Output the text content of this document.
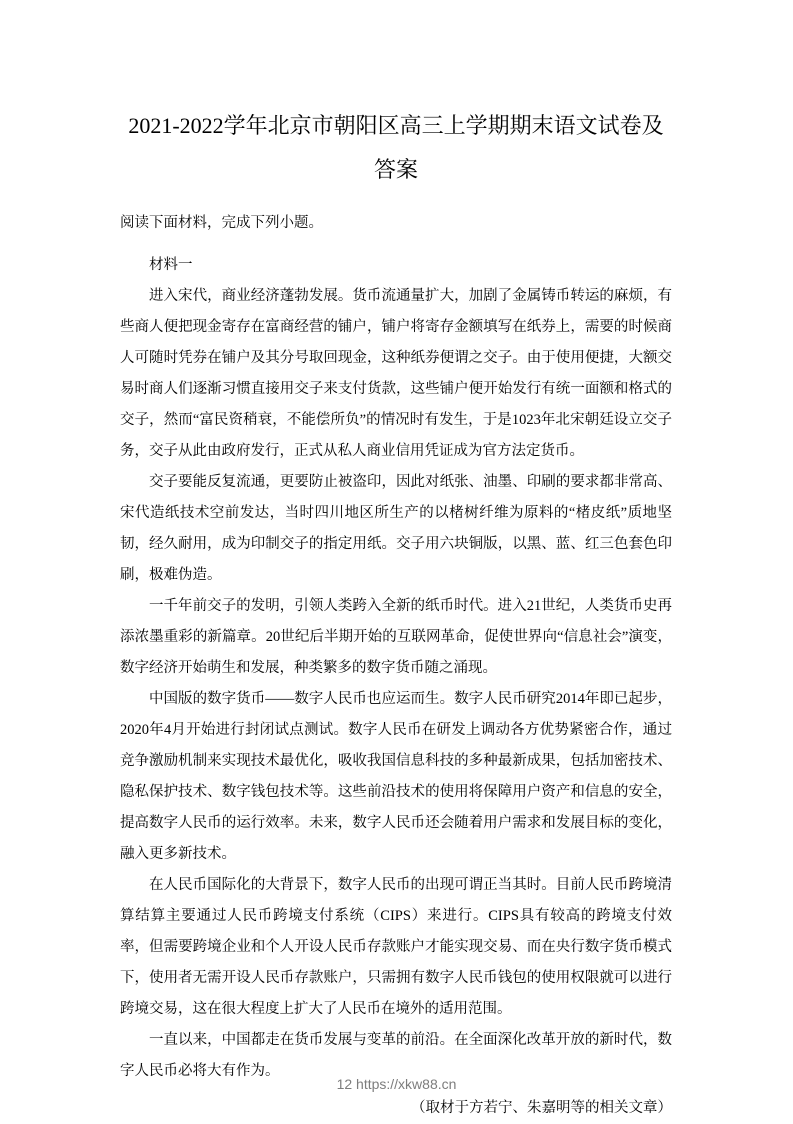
2021-2022学年北京市朝阳区高三上学期期末语文试卷及答案

阅读下面材料，完成下列小题。

材料一

进入宋代，商业经济蓬勃发展。货币流通量扩大，加剧了金属铸币转运的麻烦，有些商人便把现金寄存在富商经营的铺户，铺户将寄存金额填写在纸券上，需要的时候商人可随时凭券在铺户及其分号取回现金，这种纸券便谓之交子。由于使用便捷，大额交易时商人们逐渐习惯直接用交子来支付货款，这些铺户便开始发行有统一面额和格式的交子，然而“富民资稍衰，不能偿所负”的情况时有发生，于是1023年北宋朝廷设立交子务，交子从此由政府发行，正式从私人商业信用凭证成为官方法定货币。

交子要能反复流通，更要防止被盗印，因此对纸张、油墨、印刷的要求都非常高、宋代造纸技术空前发达，当时四川地区所生产的以楮树纤维为原料的“楮皮纸”质地坚韧，经久耐用，成为印制交子的指定用纸。交子用六块铜版，以黑、蓝、红三色套色印刷，极难伪造。

一千年前交子的发明，引领人类跨入全新的纸币时代。进入21世纪，人类货币史再添浓墨重彩的新篇章。20世纪后半期开始的互联网革命，促使世界向“信息社会”演变，数字经济开始萌生和发展，种类繁多的数字货币随之涌现。

中国版的数字货币——数字人民币也应运而生。数字人民币研究2014年即已起步，2020年4月开始进行封闭试点测试。数字人民币在研发上调动各方优势紧密合作，通过竞争激励机制来实现技术最优化，吸收我国信息科技的多种最新成果，包括加密技术、隐私保护技术、数字钱包技术等。这些前沿技术的使用将保障用户资产和信息的安全，提高数字人民币的运行效率。未来，数字人民币还会随着用户需求和发展目标的变化，融入更多新技术。

在人民币国际化的大背景下，数字人民币的出现可谓正当其时。目前人民币跨境清算结算主要通过人民币跨境支付系统（CIPS）来进行。CIPS具有较高的跨境支付效率，但需要跨境企业和个人开设人民币存款账户才能实现交易、而在央行数字货币模式下，使用者无需开设人民币存款账户，只需拥有数字人民币钱包的使用权限就可以进行跨境交易，这在很大程度上扩大了人民币在境外的适用范围。

一直以来，中国都走在货币发展与变革的前沿。在全面深化改革开放的新时代，数字人民币必将大有作为。

（取材于方若宁、朱嘉明等的相关文章）

12 https://xkw88.cn
